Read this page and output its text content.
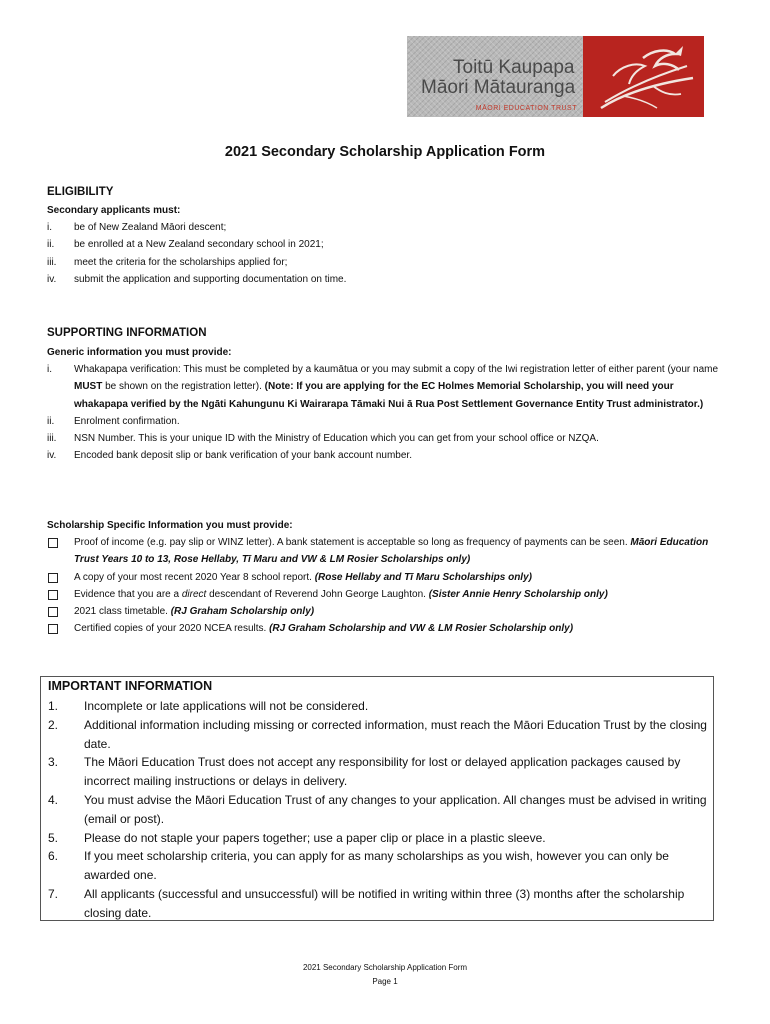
Toitū Kaupapa
Māori Mātauranga
MĀORI EDUCATION TRUST
2021 Secondary Scholarship Application Form
ELIGIBILITY

Secondary applicants must:

i. be of New Zealand Māori descent;
ii. be enrolled at a New Zealand secondary school in 2021;
iii. meet the criteria for the scholarships applied for;
iv. submit the application and supporting documentation on time.
SUPPORTING INFORMATION

Generic information you must provide:

i. Whakapapa verification: This must be completed by a kaumātua or you may submit a copy of the Iwi registration letter of either parent (your name MUST be shown on the registration letter). (Note: If you are applying for the EC Holmes Memorial Scholarship, you will need your whakapapa verified by the Ngāti Kahungunu Ki Wairarapa Tāmaki Nui ā Rua Post Settlement Governance Entity Trust administrator.)
ii. Enrolment confirmation.
iii. NSN Number. This is your unique ID with the Ministry of Education which you can get from your school office or NZQA.
iv. Encoded bank deposit slip or bank verification of your bank account number.

Scholarship Specific Information you must provide:

Proof of income (e.g. pay slip or WINZ letter). A bank statement is acceptable so long as frequency of payments can be seen. Māori Education Trust Years 10 to 13, Rose Hellaby, Tī Maru and VW & LM Rosier Scholarships only)
A copy of your most recent 2020 Year 8 school report. (Rose Hellaby and Tī Maru Scholarships only)
Evidence that you are a direct descendant of Reverend John George Laughton. (Sister Annie Henry Scholarship only)
2021 class timetable. (RJ Graham Scholarship only)
Certified copies of your 2020 NCEA results. (RJ Graham Scholarship and VW & LM Rosier Scholarship only)
IMPORTANT INFORMATION
1. Incomplete or late applications will not be considered.
2. Additional information including missing or corrected information, must reach the Māori Education Trust by the closing date.
3. The Māori Education Trust does not accept any responsibility for lost or delayed application packages caused by incorrect mailing instructions or delays in delivery.
4. You must advise the Māori Education Trust of any changes to your application. All changes must be advised in writing (email or post).
5. Please do not staple your papers together; use a paper clip or place in a plastic sleeve.
6. If you meet scholarship criteria, you can apply for as many scholarships as you wish, however you can only be awarded one.
7. All applicants (successful and unsuccessful) will be notified in writing within three (3) months after the scholarship closing date.

2021 Secondary Scholarship Application Form

Page 1
